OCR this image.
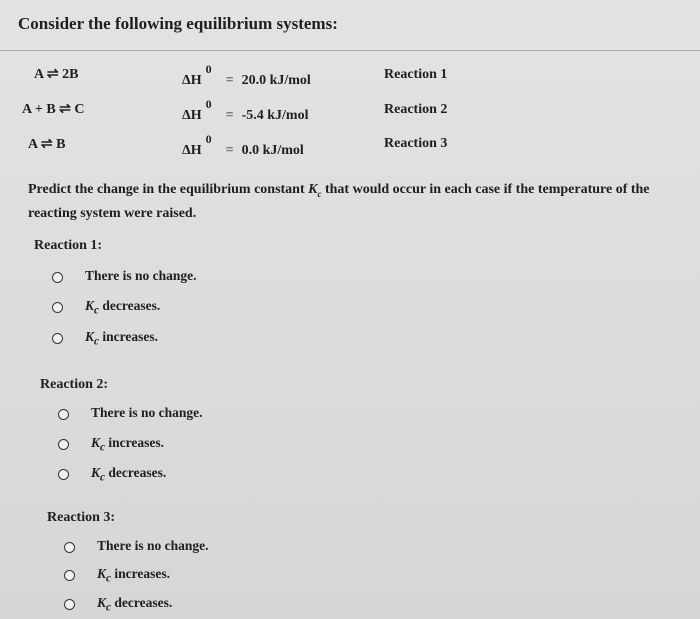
Consider the following equilibrium systems:
A ⇌ 2B	ΔH0= 20.0 kJ/mol	Reaction 1
A + B ⇌ C	ΔH0= -5.4 kJ/mol	Reaction 2
A ⇌ B	ΔH0= 0.0 kJ/mol	Reaction 3
Predict the change in the equilibrium constant $K_c$ that would occur in each case if the temperature of the reacting system were raised.
Reaction 1:
There is no change.
$K_c$ decreases.
$K_c$ increases.
Reaction 2:
There is no change.
$K_c$ increases.
$K_c$ decreases.
Reaction 3:
There is no change.
$K_c$ increases.
$K_c$ decreases.
